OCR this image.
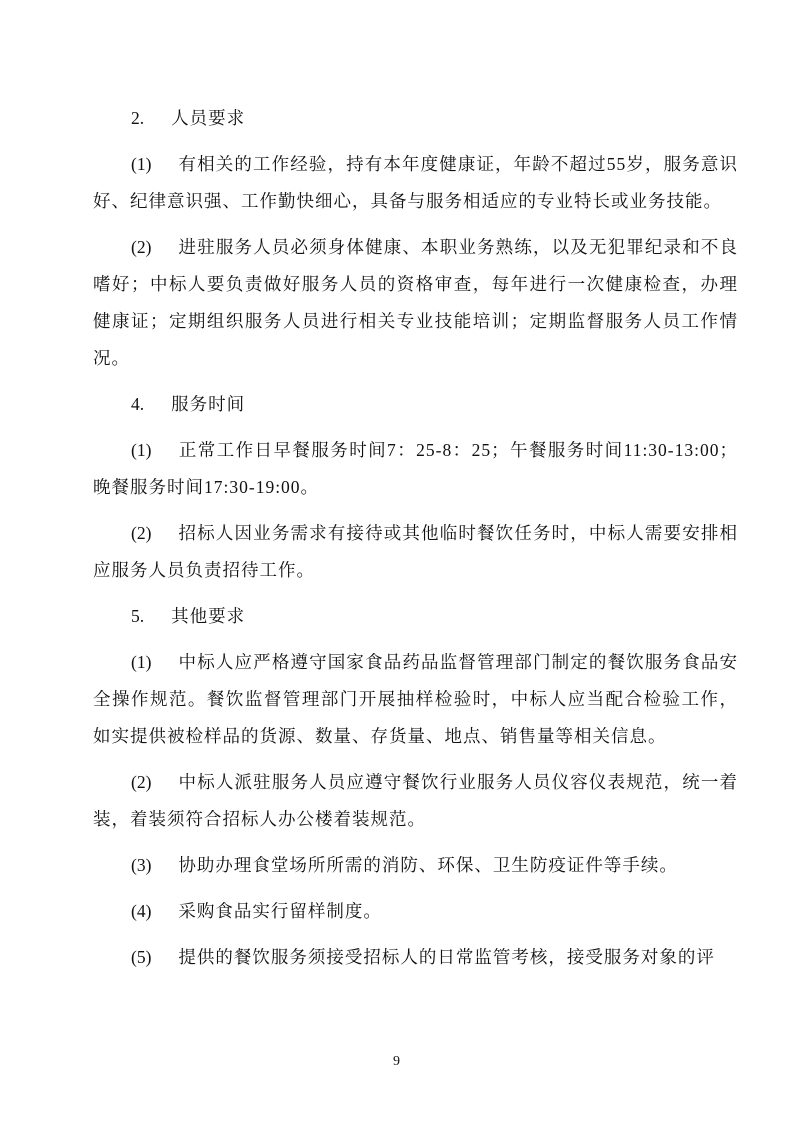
2. 人员要求

(1) 有相关的工作经验，持有本年度健康证，年龄不超过55岁，服务意识好、纪律意识强、工作勤快细心，具备与服务相适应的专业特长或业务技能。

(2) 进驻服务人员必须身体健康、本职业务熟练，以及无犯罪纪录和不良嗜好；中标人要负责做好服务人员的资格审查，每年进行一次健康检查，办理健康证；定期组织服务人员进行相关专业技能培训；定期监督服务人员工作情况。

4. 服务时间

(1) 正常工作日早餐服务时间7：25-8：25；午餐服务时间11:30-13:00；晚餐服务时间17:30-19:00。

(2) 招标人因业务需求有接待或其他临时餐饮任务时，中标人需要安排相应服务人员负责招待工作。

5. 其他要求

(1) 中标人应严格遵守国家食品药品监督管理部门制定的餐饮服务食品安全操作规范。餐饮监督管理部门开展抽样检验时，中标人应当配合检验工作，如实提供被检样品的货源、数量、存货量、地点、销售量等相关信息。

(2) 中标人派驻服务人员应遵守餐饮行业服务人员仪容仪表规范，统一着装，着装须符合招标人办公楼着装规范。

(3) 协助办理食堂场所所需的消防、环保、卫生防疫证件等手续。

(4) 采购食品实行留样制度。

(5) 提供的餐饮服务须接受招标人的日常监管考核，接受服务对象的评

9
